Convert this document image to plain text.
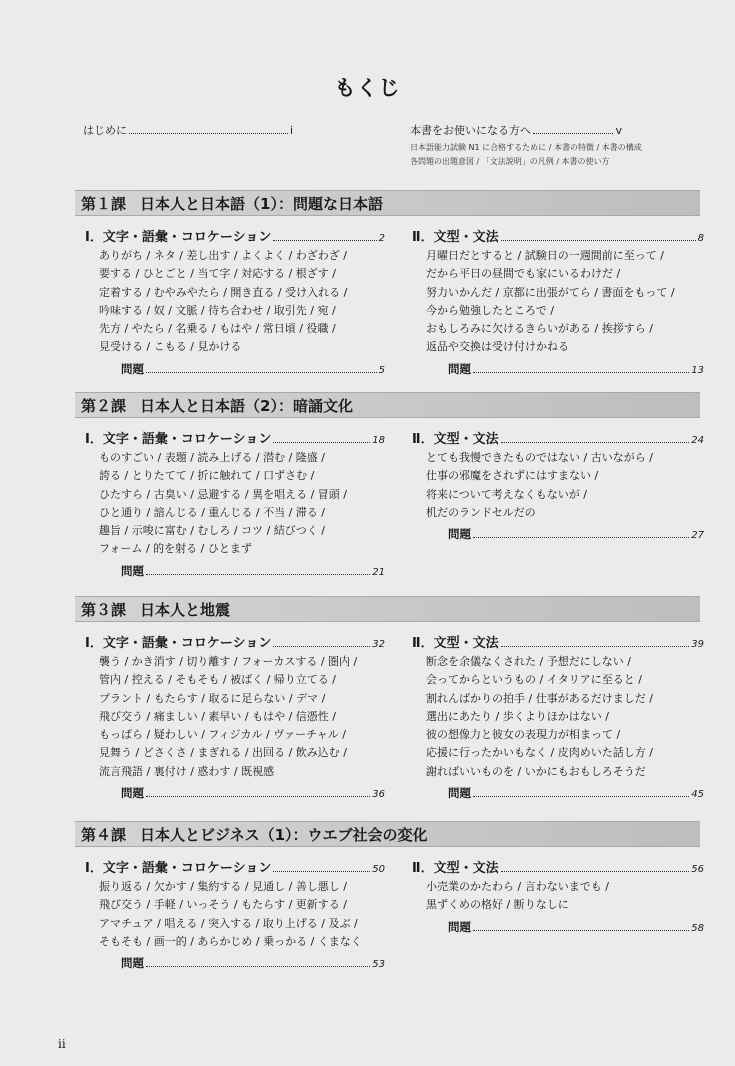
もくじ
はじめに	i	本書をお使いになる方へ	v
日本語能力試験 N1 に合格するために / 本書の特徴 / 本書の構成
各問題の出題意図 / 「文法説明」の凡例 / 本書の使い方
第１課 日本人と日本語（1）：問題な日本語
Ⅰ．文字・語彙・コロケーション	2
ありがち / ネタ / 差し出す / よくよく / わざわざ /
要する / ひとごと / 当て字 / 対応する / 根ざす /
定着する / むやみやたら / 開き直る / 受け入れる /
吟味する / 奴 / 文脈 / 待ち合わせ / 取引先 / 宛 /
先方 / やたら / 名乗る / もはや / 常日頃 / 役職 /
見受ける / こもる / 見かける
問題	5
Ⅱ．文型・文法	8
月曜日だとすると / 試験日の一週間前に至って /
だから平日の昼間でも家にいるわけだ /
努力いかんだ / 京都に出張がてら / 書面をもって /
今から勉強したところで /
おもしろみに欠けるきらいがある / 挨拶すら /
返品や交換は受け付けかねる
問題	13
第２課 日本人と日本語（2）：暗誦文化
Ⅰ．文字・語彙・コロケーション	18
ものすごい / 表題 / 読み上げる / 潜む / 隆盛 /
誇る / とりたてて / 折に触れて / 口ずさむ /
ひたすら / 古臭い / 忌避する / 異を唱える / 冒頭 /
ひと通り / 諳んじる / 重んじる / 不当 / 滞る /
趣旨 / 示唆に富む / むしろ / コツ / 結びつく /
フォーム / 的を射る / ひとまず
問題	21
Ⅱ．文型・文法	24
とても我慢できたものではない / 古いながら /
仕事の邪魔をされずにはすまない /
将来について考えなくもないが /
机だのランドセルだの
問題	27
第３課 日本人と地震
Ⅰ．文字・語彙・コロケーション	32
襲う / かき消す / 切り離す / フォーカスする / 圏内 /
管内 / 控える / そもそも / 被ばく / 帰り立てる /
プラント / もたらす / 取るに足らない / デマ /
飛び交う / 痛ましい / 素早い / もはや / 信憑性 /
もっぱら / 疑わしい / フィジカル / ヴァーチャル /
見舞う / どさくさ / まぎれる / 出回る / 飲み込む /
流言飛語 / 裏付け / 惑わす / 既視感
問題	36
Ⅱ．文型・文法	39
断念を余儀なくされた / 予想だにしない /
会ってからというもの / イタリアに至ると /
割れんばかりの拍手 / 仕事があるだけましだ /
選出にあたり / 歩くよりほかはない /
彼の想像力と彼女の表現力が相まって /
応援に行ったかいもなく / 皮肉めいた話し方 /
謝ればいいものを / いかにもおもしろそうだ
問題	45
第４課 日本人とビジネス（1）：ウエブ社会の変化
Ⅰ．文字・語彙・コロケーション	50
振り返る / 欠かす / 集約する / 見通し / 善し悪し /
飛び交う / 手軽 / いっそう / もたらす / 更新する /
アマチュア / 唱える / 突入する / 取り上げる / 及ぶ /
そもそも / 画一的 / あらかじめ / 乗っかる / くまなく
問題	53
Ⅱ．文型・文法	56
小売業のかたわら / 言わないまでも /
黒ずくめの格好 / 断りなしに
問題	58
ii
